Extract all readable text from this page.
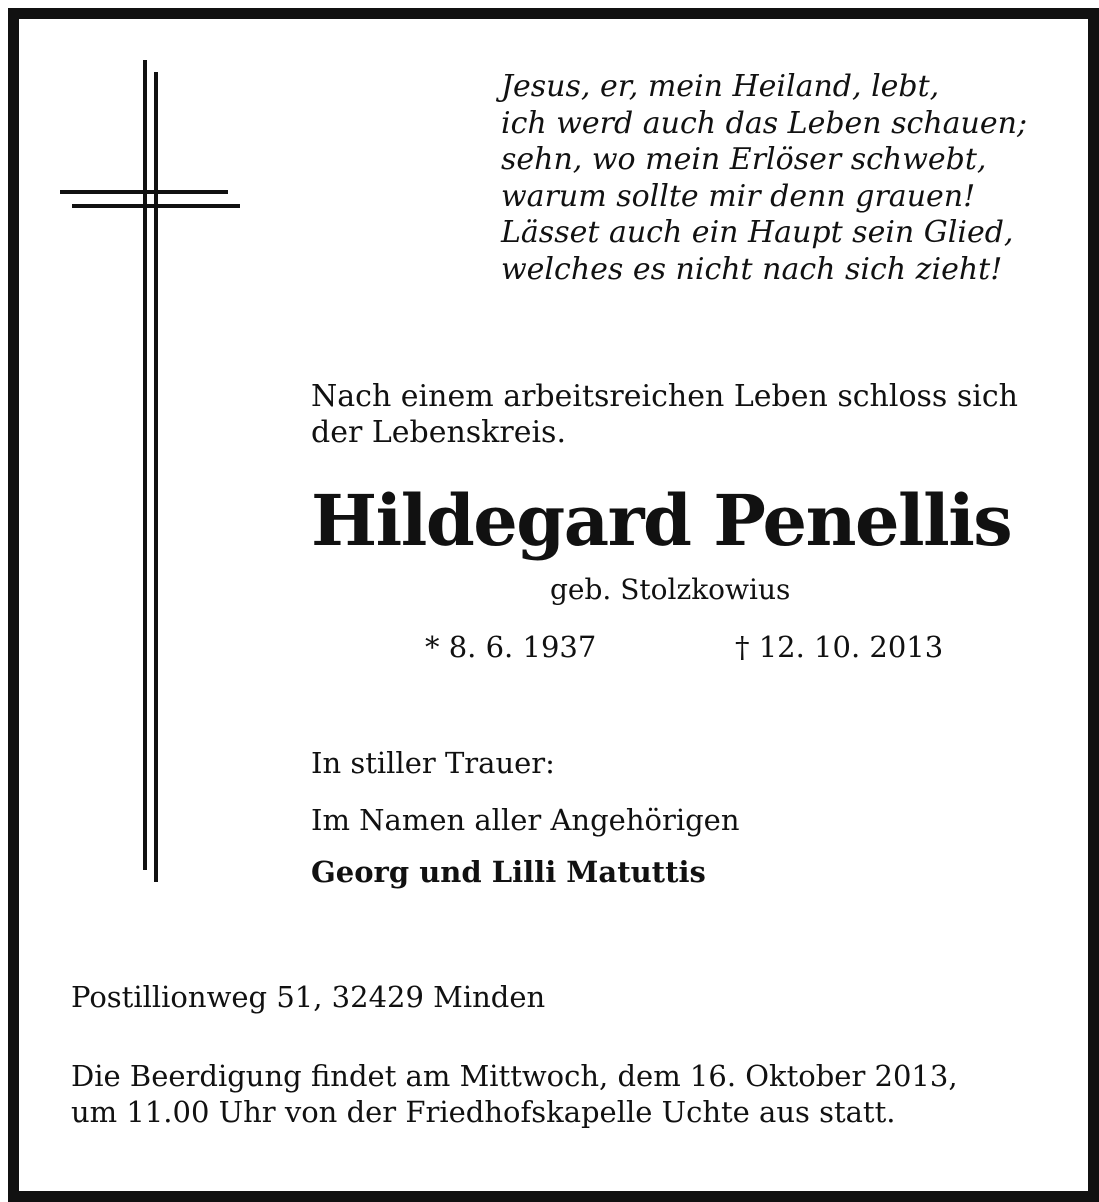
Jesus, er, mein Heiland, lebt,
ich werd auch das Leben schauen;
sehn, wo mein Erlöser schwebt,
warum sollte mir denn grauen!
Lässet auch ein Haupt sein Glied,
welches es nicht nach sich zieht!
Nach einem arbeitsreichen Leben schloss sich
der Lebenskreis.
Hildegard Penellis
geb. Stolzkowius
* 8. 6. 1937	† 12. 10. 2013
In stiller Trauer:
Im Namen aller Angehörigen
Georg und Lilli Matuttis
Postillionweg 51, 32429 Minden
Die Beerdigung findet am Mittwoch, dem 16. Oktober 2013,
um 11.00 Uhr von der Friedhofskapelle Uchte aus statt.
